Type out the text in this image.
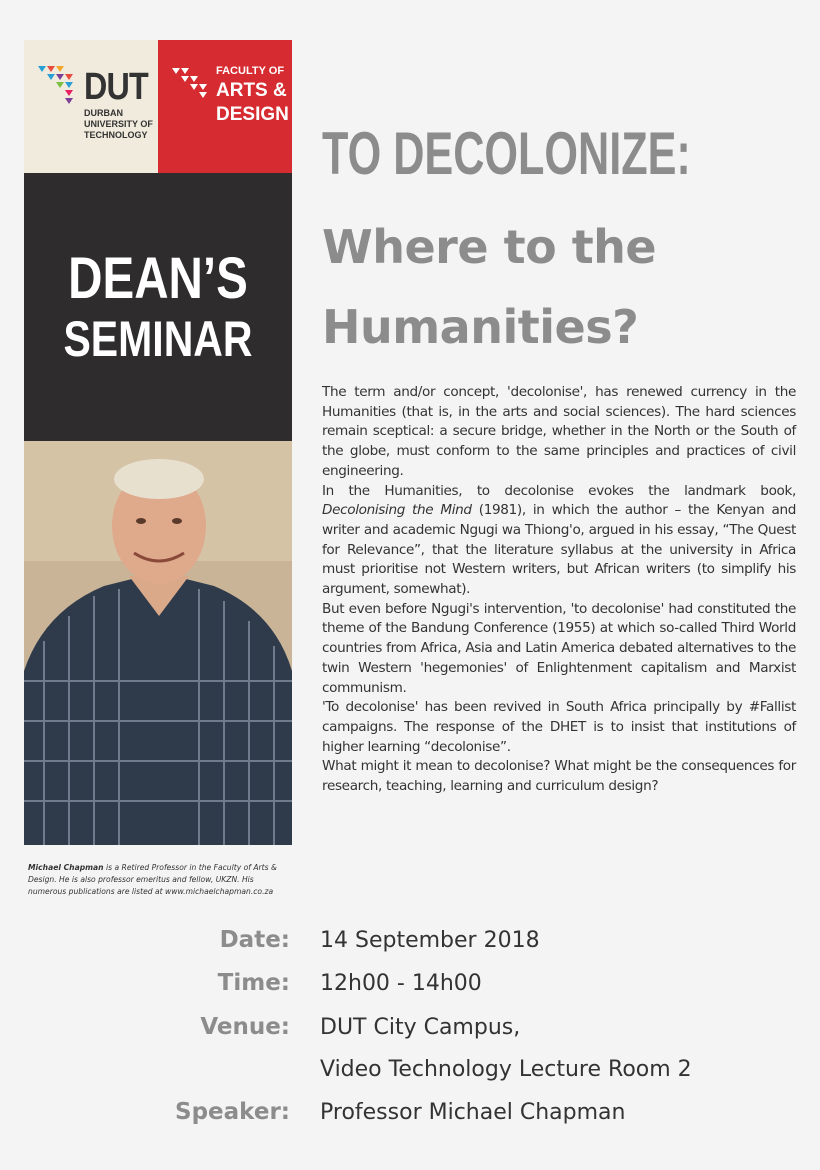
DUT
DURBAN
UNIVERSITY OF
TECHNOLOGY
FACULTY OF
ARTS &
DESIGN
DEAN’S
SEMINAR
Michael Chapman is a Retired Professor in the Faculty of Arts & Design. He is also professor emeritus and fellow, UKZN. His numerous publications are listed at www.michaelchapman.co.za
TO DECOLONIZE:
Where to the
Humanities?

The term and/or concept, 'decolonise', has renewed currency in the Humanities (that is, in the arts and social sciences). The hard sciences remain sceptical: a secure bridge, whether in the North or the South of the globe, must conform to the same principles and practices of civil engineering.

In the Humanities, to decolonise evokes the landmark book, Decolonising the Mind (1981), in which the author – the Kenyan and writer and academic Ngugi wa Thiong'o, argued in his essay, “The Quest for Relevance”, that the literature syllabus at the university in Africa must prioritise not Western writers, but African writers (to simplify his argument, somewhat).

But even before Ngugi's intervention, 'to decolonise' had constituted the theme of the Bandung Conference (1955) at which so-called Third World countries from Africa, Asia and Latin America debated alternatives to the twin Western 'hegemonies' of Enlightenment capitalism and Marxist communism.

'To decolonise' has been revived in South Africa principally by #Fallist campaigns. The response of the DHET is to insist that institutions of higher learning “decolonise”.

What might it mean to decolonise? What might be the consequences for research, teaching, learning and curriculum design?

Date: 14 September 2018
Time: 12h00 - 14h00
Venue: DUT City Campus,
Video Technology Lecture Room 2
Speaker: Professor Michael Chapman
